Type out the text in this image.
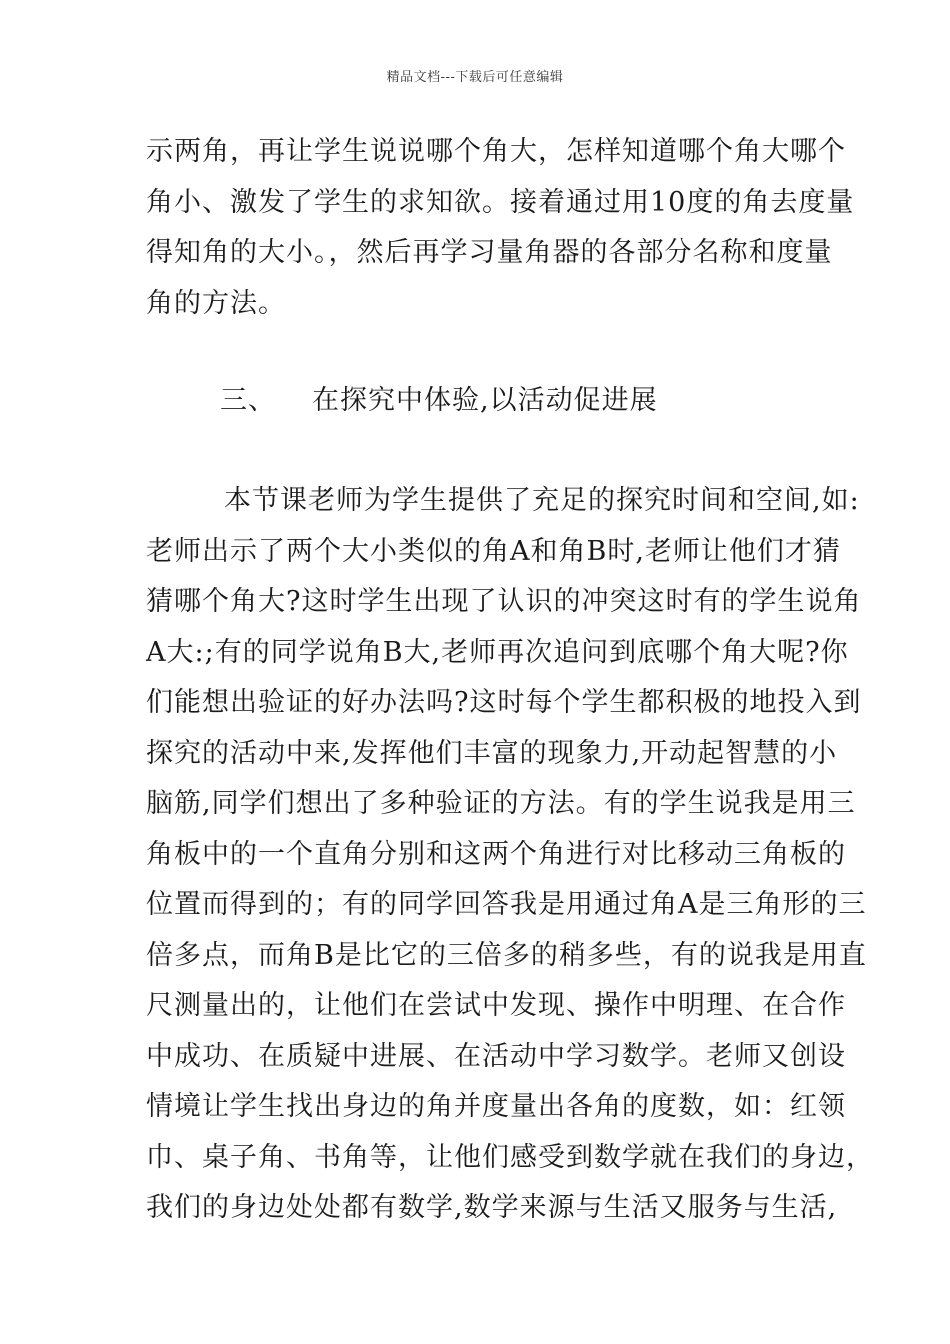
精品文档---下载后可任意编辑
示两角，再让学生说说哪个角大，怎样知道哪个角大哪个
角小、激发了学生的求知欲。接着通过用10度的角去度量
得知角的大小。，然后再学习量角器的各部分名称和度量
角的方法。
三、 在探究中体验,以活动促进展
本节课老师为学生提供了充足的探究时间和空间,如:
老师出示了两个大小类似的角A和角B时,老师让他们才猜
猜哪个角大?这时学生出现了认识的冲突这时有的学生说角
A大:;有的同学说角B大,老师再次追问到底哪个角大呢?你
们能想出验证的好办法吗?这时每个学生都积极的地投入到
探究的活动中来,发挥他们丰富的现象力,开动起智慧的小
脑筋,同学们想出了多种验证的方法。有的学生说我是用三
角板中的一个直角分别和这两个角进行对比移动三角板的
位置而得到的；有的同学回答我是用通过角A是三角形的三
倍多点，而角B是比它的三倍多的稍多些，有的说我是用直
尺测量出的，让他们在尝试中发现、操作中明理、在合作
中成功、在质疑中进展、在活动中学习数学。老师又创设
情境让学生找出身边的角并度量出各角的度数，如：红领
巾、桌子角、书角等，让他们感受到数学就在我们的身边，
我们的身边处处都有数学,数学来源与生活又服务与生活,
